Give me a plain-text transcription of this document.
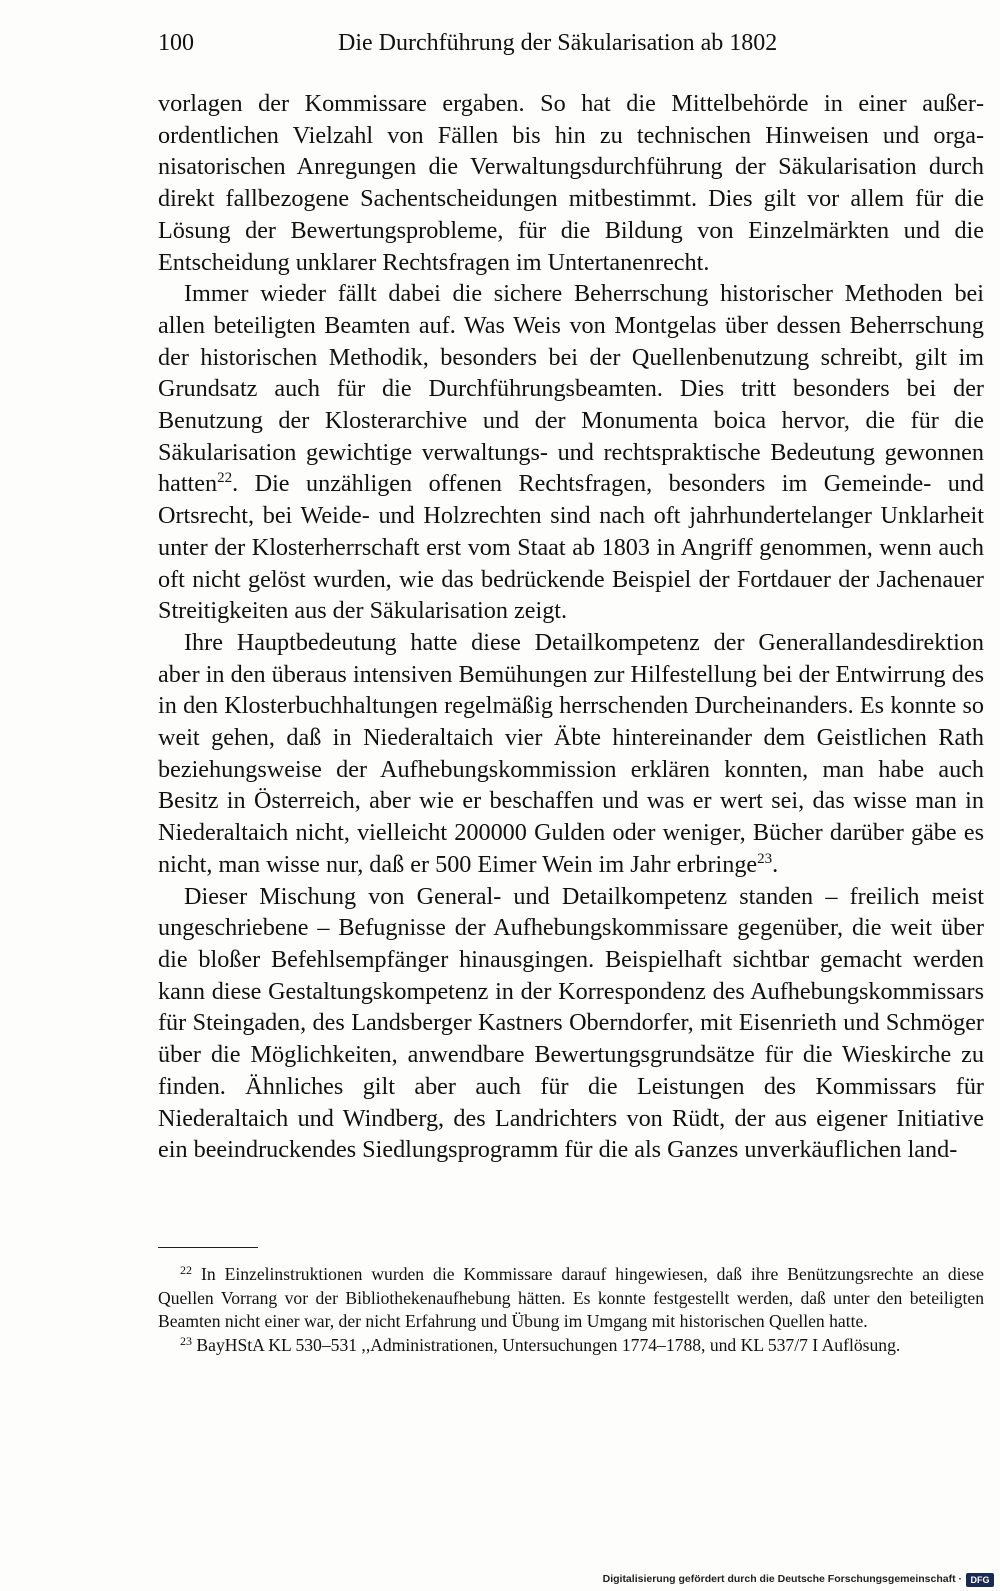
100	Die Durchführung der Säkularisation ab 1802

vorlagen der Kommissare ergaben. So hat die Mittelbehörde in einer außerordentlichen Vielzahl von Fällen bis hin zu technischen Hinweisen und organisatorischen Anregungen die Verwaltungsdurchführung der Säkularisation durch direkt fallbezogene Sachentscheidungen mitbestimmt. Dies gilt vor allem für die Lösung der Bewertungsprobleme, für die Bildung von Einzelmärkten und die Entscheidung unklarer Rechtsfragen im Untertanenrecht.

Immer wieder fällt dabei die sichere Beherrschung historischer Methoden bei allen beteiligten Beamten auf. Was Weis von Montgelas über dessen Beherrschung der historischen Methodik, besonders bei der Quellenbenutzung schreibt, gilt im Grundsatz auch für die Durchführungsbeamten. Dies tritt besonders bei der Benutzung der Klosterarchive und der Monumenta boica hervor, die für die Säkularisation gewichtige verwaltungs- und rechtspraktische Bedeutung gewonnen hatten$^{22}$. Die unzähligen offenen Rechtsfragen, besonders im Gemeinde- und Ortsrecht, bei Weide- und Holzrechten sind nach oft jahrhundertelanger Unklarheit unter der Klosterherrschaft erst vom Staat ab 1803 in Angriff genommen, wenn auch oft nicht gelöst wurden, wie das bedrückende Beispiel der Fortdauer der Jachenauer Streitigkeiten aus der Säkularisation zeigt.

Ihre Hauptbedeutung hatte diese Detailkompetenz der Generallandesdirektion aber in den überaus intensiven Bemühungen zur Hilfestellung bei der Entwirrung des in den Klosterbuchhaltungen regelmäßig herrschenden Durcheinanders. Es konnte so weit gehen, daß in Niederaltaich vier Äbte hintereinander dem Geistlichen Rath beziehungsweise der Aufhebungskommission erklären konnten, man habe auch Besitz in Österreich, aber wie er beschaffen und was er wert sei, das wisse man in Niederaltaich nicht, vielleicht 200000 Gulden oder weniger, Bücher darüber gäbe es nicht, man wisse nur, daß er 500 Eimer Wein im Jahr erbringe$^{23}$.

Dieser Mischung von General- und Detailkompetenz standen – freilich meist ungeschriebene – Befugnisse der Aufhebungskommissare gegenüber, die weit über die bloßer Befehlsempfänger hinausgingen. Beispielhaft sichtbar gemacht werden kann diese Gestaltungskompetenz in der Korrespondenz des Aufhebungskommissars für Steingaden, des Landsberger Kastners Oberndorfer, mit Eisenrieth und Schmöger über die Möglichkeiten, anwendbare Bewertungsgrundsätze für die Wieskirche zu finden. Ähnliches gilt aber auch für die Leistungen des Kommissars für Niederaltaich und Windberg, des Landrichters von Rüdt, der aus eigener Initiative ein beeindruckendes Siedlungsprogramm für die als Ganzes unverkäuflichen land-

$^{22}$ In Einzelinstruktionen wurden die Kommissare darauf hingewiesen, daß ihre Benützungsrechte an diese Quellen Vorrang vor der Bibliothekenaufhebung hätten. Es konnte festgestellt werden, daß unter den beteiligten Beamten nicht einer war, der nicht Erfahrung und Übung im Umgang mit historischen Quellen hatte.

$^{23}$ BayHStA KL 530–531 ,,Administrationen, Untersuchungen 1774–1788, und KL 537/7 I Auflösung.

Digitalisierung gefördert durch die Deutsche Forschungsgemeinschaft · DFG
